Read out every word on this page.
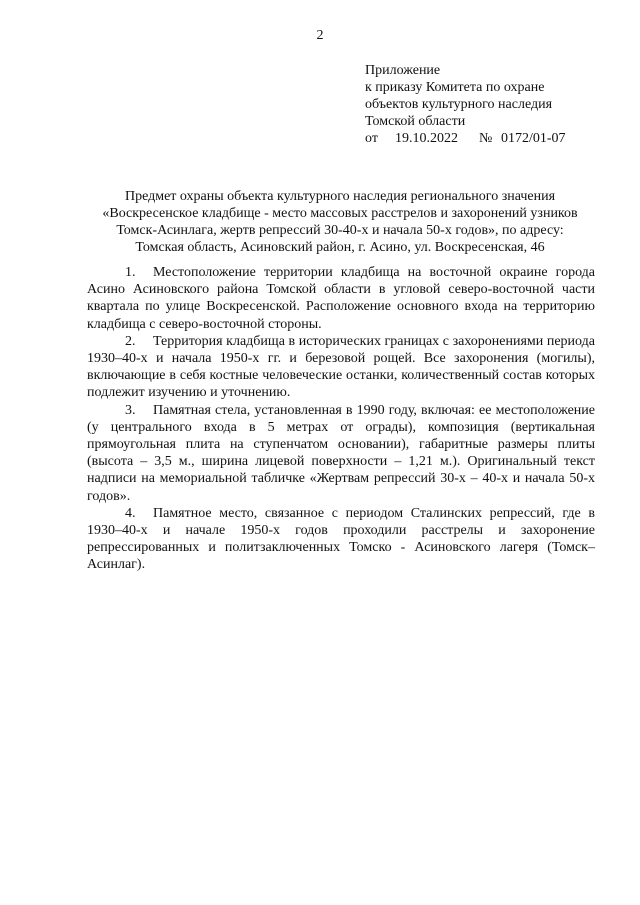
2
Приложение
к приказу Комитета по охране
объектов культурного наследия
Томской области
от 19.10.2022 № 0172/01-07
Предмет охраны объекта культурного наследия регионального значения
«Воскресенское кладбище - место массовых расстрелов и захоронений узников
Томск-Асинлага, жертв репрессий 30-40-х и начала 50-х годов», по адресу:
Томская область, Асиновский район, г. Асино, ул. Воскресенская, 46

1. Местоположение территории кладбища на восточной окраине города Асино Асиновского района Томской области в угловой северо-восточной части квартала по улице Воскресенской. Расположение основного входа на территорию кладбища с северо-восточной стороны.

2. Территория кладбища в исторических границах с захоронениями периода 1930–40-х и начала 1950-х гг. и березовой рощей. Все захоронения (могилы), включающие в себя костные человеческие останки, количественный состав которых подлежит изучению и уточнению.

3. Памятная стела, установленная в 1990 году, включая: ее местоположение (у центрального входа в 5 метрах от ограды), композиция (вертикальная прямоугольная плита на ступенчатом основании), габаритные размеры плиты (высота – 3,5 м., ширина лицевой поверхности – 1,21 м.). Оригинальный текст надписи на мемориальной табличке «Жертвам репрессий 30-х – 40-х и начала 50-х годов».

4. Памятное место, связанное с периодом Сталинских репрессий, где в 1930–40-х и начале 1950-х годов проходили расстрелы и захоронение репрессированных и политзаключенных Томско - Асиновского лагеря (Томск–Асинлаг).
